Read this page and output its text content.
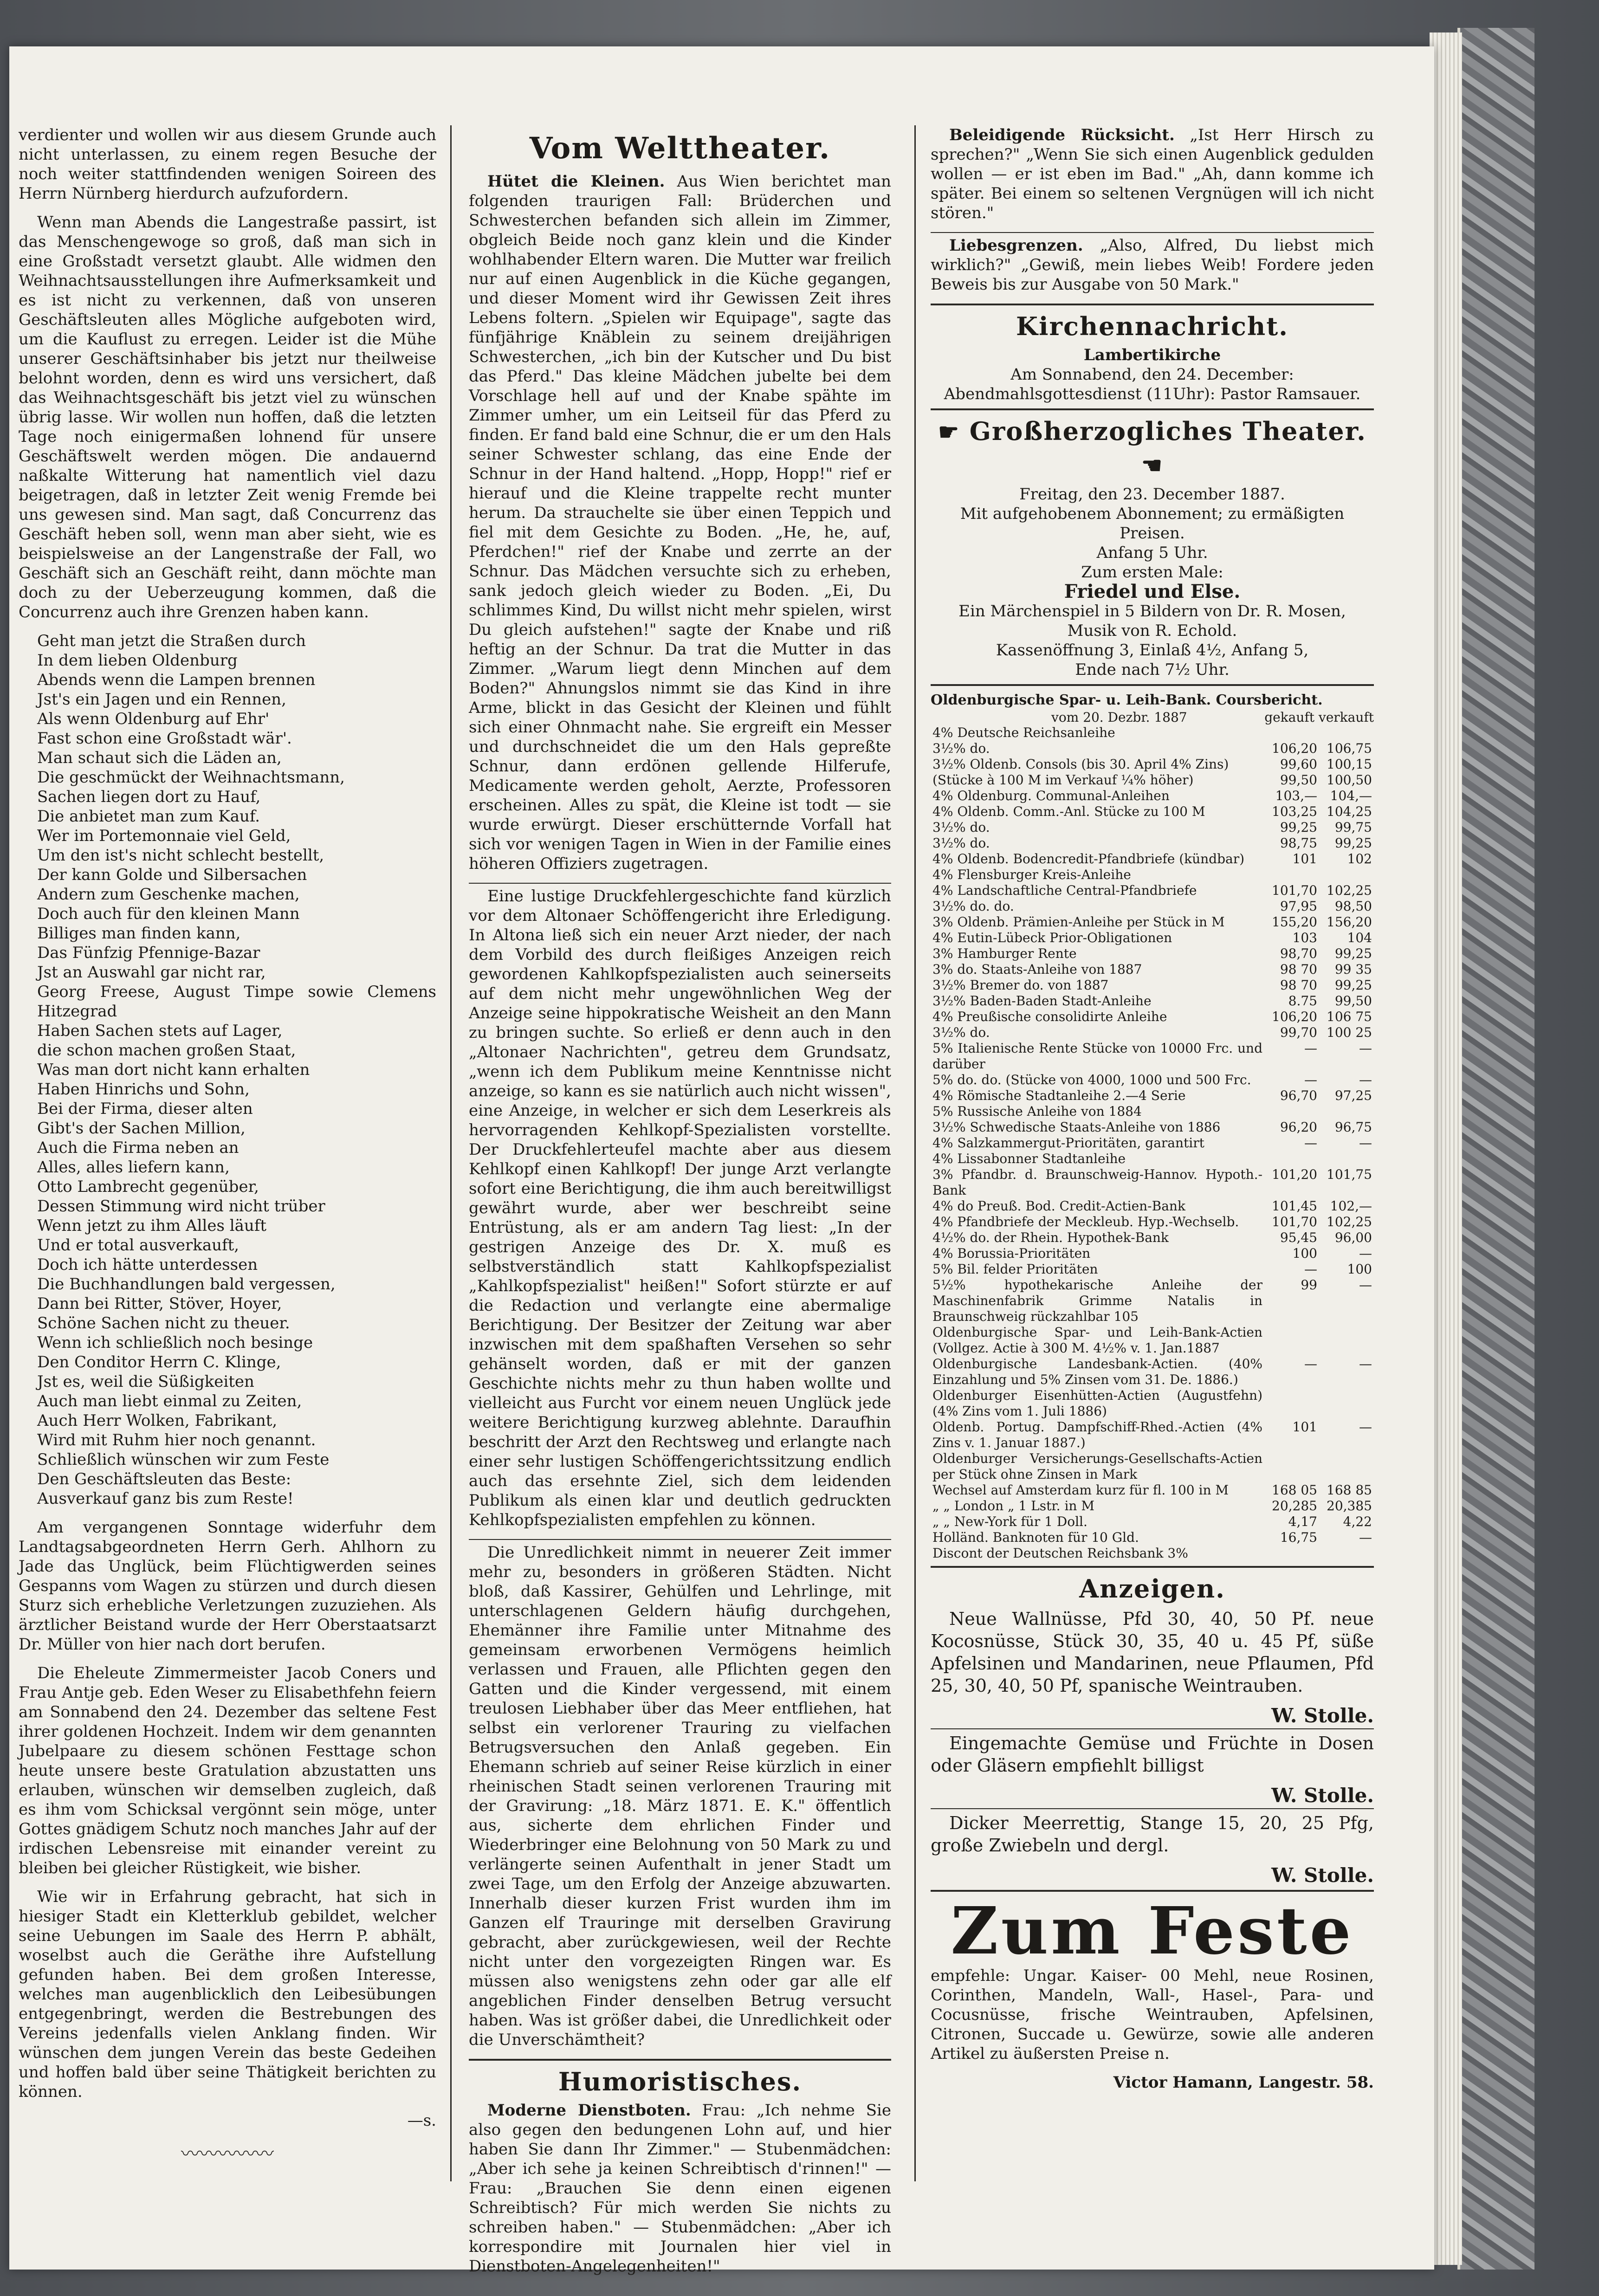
verdienter und wollen wir aus diesem Grunde auch nicht unterlassen, zu einem regen Besuche der noch weiter stattfindenden wenigen Soireen des Herrn Nürnberg hierdurch aufzufordern.

Wenn man Abends die Langestraße passirt, ist das Menschengewoge so groß, daß man sich in eine Großstadt versetzt glaubt. Alle widmen den Weihnachtsausstellungen ihre Aufmerksamkeit und es ist nicht zu verkennen, daß von unseren Geschäftsleuten alles Mögliche aufgeboten wird, um die Kauflust zu erregen. Leider ist die Mühe unserer Geschäftsinhaber bis jetzt nur theilweise belohnt worden, denn es wird uns versichert, daß das Weihnachtsgeschäft bis jetzt viel zu wünschen übrig lasse. Wir wollen nun hoffen, daß die letzten Tage noch einigermaßen lohnend für unsere Geschäftswelt werden mögen. Die andauernd naßkalte Witterung hat namentlich viel dazu beigetragen, daß in letzter Zeit wenig Fremde bei uns gewesen sind. Man sagt, daß Concurrenz das Geschäft heben soll, wenn man aber sieht, wie es beispielsweise an der Langenstraße der Fall, wo Geschäft sich an Geschäft reiht, dann möchte man doch zu der Ueberzeugung kommen, daß die Concurrenz auch ihre Grenzen haben kann.

Geht man jetzt die Straßen durch
In dem lieben Oldenburg
Abends wenn die Lampen brennen
Jst's ein Jagen und ein Rennen,
Als wenn Oldenburg auf Ehr'
Fast schon eine Großstadt wär'.
Man schaut sich die Läden an,
Die geschmückt der Weihnachtsmann,
Sachen liegen dort zu Hauf,
Die anbietet man zum Kauf.
Wer im Portemonnaie viel Geld,
Um den ist's nicht schlecht bestellt,
Der kann Golde und Silbersachen
Andern zum Geschenke machen,
Doch auch für den kleinen Mann
Billiges man finden kann,
Das Fünfzig Pfennige-Bazar
Jst an Auswahl gar nicht rar,
Georg Freese, August Timpe sowie Clemens Hitzegrad
Haben Sachen stets auf Lager,
die schon machen großen Staat,
Was man dort nicht kann erhalten
Haben Hinrichs und Sohn,
Bei der Firma, dieser alten
Gibt's der Sachen Million,
Auch die Firma neben an
Alles, alles liefern kann,
Otto Lambrecht gegenüber,
Dessen Stimmung wird nicht trüber
Wenn jetzt zu ihm Alles läuft
Und er total ausverkauft,
Doch ich hätte unterdessen
Die Buchhandlungen bald vergessen,
Dann bei Ritter, Stöver, Hoyer,
Schöne Sachen nicht zu theuer.
Wenn ich schließlich noch besinge
Den Conditor Herrn C. Klinge,
Jst es, weil die Süßigkeiten
Auch man liebt einmal zu Zeiten,
Auch Herr Wolken, Fabrikant,
Wird mit Ruhm hier noch genannt.
Schließlich wünschen wir zum Feste
Den Geschäftsleuten das Beste:
Ausverkauf ganz bis zum Reste!

Am vergangenen Sonntage widerfuhr dem Landtagsabgeordneten Herrn Gerh. Ahlhorn zu Jade das Unglück, beim Flüchtigwerden seines Gespanns vom Wagen zu stürzen und durch diesen Sturz sich erhebliche Verletzungen zuzuziehen. Als ärztlicher Beistand wurde der Herr Oberstaatsarzt Dr. Müller von hier nach dort berufen.

Die Eheleute Zimmermeister Jacob Coners und Frau Antje geb. Eden Weser zu Elisabethfehn feiern am Sonnabend den 24. Dezember das seltene Fest ihrer goldenen Hochzeit. Indem wir dem genannten Jubelpaare zu diesem schönen Festtage schon heute unsere beste Gratulation abzustatten uns erlauben, wünschen wir demselben zugleich, daß es ihm vom Schicksal vergönnt sein möge, unter Gottes gnädigem Schutz noch manches Jahr auf der irdischen Lebensreise mit einander vereint zu bleiben bei gleicher Rüstigkeit, wie bisher.

Wie wir in Erfahrung gebracht, hat sich in hiesiger Stadt ein Kletterklub gebildet, welcher seine Uebungen im Saale des Herrn P. abhält, woselbst auch die Geräthe ihre Aufstellung gefunden haben. Bei dem großen Interesse, welches man augenblicklich den Leibesübungen entgegenbringt, werden die Bestrebungen des Vereins jedenfalls vielen Anklang finden. Wir wünschen dem jungen Verein das beste Gedeihen und hoffen bald über seine Thätigkeit berichten zu können.

—s.
〰〰〰〰〰
Vom Welttheater.

Hütet die Kleinen. Aus Wien berichtet man folgenden traurigen Fall: Brüderchen und Schwesterchen befanden sich allein im Zimmer, obgleich Beide noch ganz klein und die Kinder wohlhabender Eltern waren. Die Mutter war freilich nur auf einen Augenblick in die Küche gegangen, und dieser Moment wird ihr Gewissen Zeit ihres Lebens foltern. „Spielen wir Equipage", sagte das fünfjährige Knäblein zu seinem dreijährigen Schwesterchen, „ich bin der Kutscher und Du bist das Pferd." Das kleine Mädchen jubelte bei dem Vorschlage hell auf und der Knabe spähte im Zimmer umher, um ein Leitseil für das Pferd zu finden. Er fand bald eine Schnur, die er um den Hals seiner Schwester schlang, das eine Ende der Schnur in der Hand haltend. „Hopp, Hopp!" rief er hierauf und die Kleine trappelte recht munter herum. Da strauchelte sie über einen Teppich und fiel mit dem Gesichte zu Boden. „He, he, auf, Pferdchen!" rief der Knabe und zerrte an der Schnur. Das Mädchen versuchte sich zu erheben, sank jedoch gleich wieder zu Boden. „Ei, Du schlimmes Kind, Du willst nicht mehr spielen, wirst Du gleich aufstehen!" sagte der Knabe und riß heftig an der Schnur. Da trat die Mutter in das Zimmer. „Warum liegt denn Minchen auf dem Boden?" Ahnungslos nimmt sie das Kind in ihre Arme, blickt in das Gesicht der Kleinen und fühlt sich einer Ohnmacht nahe. Sie ergreift ein Messer und durchschneidet die um den Hals gepreßte Schnur, dann erdönen gellende Hilferufe, Medicamente werden geholt, Aerzte, Professoren erscheinen. Alles zu spät, die Kleine ist todt — sie wurde erwürgt. Dieser erschütternde Vorfall hat sich vor wenigen Tagen in Wien in der Familie eines höheren Offiziers zugetragen.

Eine lustige Druckfehlergeschichte fand kürzlich vor dem Altonaer Schöffengericht ihre Erledigung. In Altona ließ sich ein neuer Arzt nieder, der nach dem Vorbild des durch fleißiges Anzeigen reich gewordenen Kahlkopfspezialisten auch seinerseits auf dem nicht mehr ungewöhnlichen Weg der Anzeige seine hippokratische Weisheit an den Mann zu bringen suchte. So erließ er denn auch in den „Altonaer Nachrichten", getreu dem Grundsatz, „wenn ich dem Publikum meine Kenntnisse nicht anzeige, so kann es sie natürlich auch nicht wissen", eine Anzeige, in welcher er sich dem Leserkreis als hervorragenden Kehlkopf-Spezialisten vorstellte. Der Druckfehlerteufel machte aber aus diesem Kehlkopf einen Kahlkopf! Der junge Arzt verlangte sofort eine Berichtigung, die ihm auch bereitwilligst gewährt wurde, aber wer beschreibt seine Entrüstung, als er am andern Tag liest: „In der gestrigen Anzeige des Dr. X. muß es selbstverständlich statt Kahlkopfspezialist „Kahlkopfspezialist" heißen!" Sofort stürzte er auf die Redaction und verlangte eine abermalige Berichtigung. Der Besitzer der Zeitung war aber inzwischen mit dem spaßhaften Versehen so sehr gehänselt worden, daß er mit der ganzen Geschichte nichts mehr zu thun haben wollte und vielleicht aus Furcht vor einem neuen Unglück jede weitere Berichtigung kurzweg ablehnte. Daraufhin beschritt der Arzt den Rechtsweg und erlangte nach einer sehr lustigen Schöffengerichtssitzung endlich auch das ersehnte Ziel, sich dem leidenden Publikum als einen klar und deutlich gedruckten Kehlkopfspezialisten empfehlen zu können.

Die Unredlichkeit nimmt in neuerer Zeit immer mehr zu, besonders in größeren Städten. Nicht bloß, daß Kassirer, Gehülfen und Lehrlinge, mit unterschlagenen Geldern häufig durchgehen, Ehemänner ihre Familie unter Mitnahme des gemeinsam erworbenen Vermögens heimlich verlassen und Frauen, alle Pflichten gegen den Gatten und die Kinder vergessend, mit einem treulosen Liebhaber über das Meer entfliehen, hat selbst ein verlorener Trauring zu vielfachen Betrugsversuchen den Anlaß gegeben. Ein Ehemann schrieb auf seiner Reise kürzlich in einer rheinischen Stadt seinen verlorenen Trauring mit der Gravirung: „18. März 1871. E. K." öffentlich aus, sicherte dem ehrlichen Finder und Wiederbringer eine Belohnung von 50 Mark zu und verlängerte seinen Aufenthalt in jener Stadt um zwei Tage, um den Erfolg der Anzeige abzuwarten. Innerhalb dieser kurzen Frist wurden ihm im Ganzen elf Trauringe mit derselben Gravirung gebracht, aber zurückgewiesen, weil der Rechte nicht unter den vorgezeigten Ringen war. Es müssen also wenigstens zehn oder gar alle elf angeblichen Finder denselben Betrug versucht haben. Was ist größer dabei, die Unredlichkeit oder die Unverschämtheit?

Humoristisches.

Moderne Dienstboten. Frau: „Ich nehme Sie also gegen den bedungenen Lohn auf, und hier haben Sie dann Ihr Zimmer." — Stubenmädchen: „Aber ich sehe ja keinen Schreibtisch d'rinnen!" — Frau: „Brauchen Sie denn einen eigenen Schreibtisch? Für mich werden Sie nichts zu schreiben haben." — Stubenmädchen: „Aber ich korrespondire mit Journalen hier viel in Dienstboten-Angelegenheiten!"

Beleidigende Rücksicht. „Ist Herr Hirsch zu sprechen?" „Wenn Sie sich einen Augenblick gedulden wollen — er ist eben im Bad." „Ah, dann komme ich später. Bei einem so seltenen Vergnügen will ich nicht stören."

Liebesgrenzen. „Also, Alfred, Du liebst mich wirklich?" „Gewiß, mein liebes Weib! Fordere jeden Beweis bis zur Ausgabe von 50 Mark."

Kirchennachricht.
Lambertikirche
Am Sonnabend, den 24. December:
Abendmahlsgottesdienst (11Uhr): Pastor Ramsauer.
☛ Großherzogliches Theater. ☚
Freitag, den 23. December 1887.
Mit aufgehobenem Abonnement; zu ermäßigten Preisen.
Anfang 5 Uhr.
Zum ersten Male:
Friedel und Else.
Ein Märchenspiel in 5 Bildern von Dr. R. Mosen,
Musik von R. Echold.
Kassenöffnung 3, Einlaß 4½, Anfang 5,
Ende nach 7½ Uhr.
Oldenburgische Spar- u. Leih-Bank. Coursbericht.
vom 20. Dezbr. 1887	gekauft verkauft
4% Deutsche Reichsanleihe		
3½% do.	106,20	106,75
3½% Oldenb. Consols (bis 30. April 4% Zins)	99,60	100,15
(Stücke à 100 M im Verkauf ¼% höher)	99,50	100,50
4% Oldenburg. Communal-Anleihen	103,—	104,—
4% Oldenb. Comm.-Anl. Stücke zu 100 M	103,25	104,25
3½% do.	99,25	99,75
3½% do.	98,75	99,25
4% Oldenb. Bodencredit-Pfandbriefe (kündbar)	101	102
4% Flensburger Kreis-Anleihe		
4% Landschaftliche Central-Pfandbriefe	101,70	102,25
3½% do. do.	97,95	98,50
3% Oldenb. Prämien-Anleihe per Stück in M	155,20	156,20
4% Eutin-Lübeck Prior-Obligationen	103	104
3% Hamburger Rente	98,70	99,25
3% do. Staats-Anleihe von 1887	98 70	99 35
3½% Bremer do. von 1887	98 70	99,25
3½% Baden-Baden Stadt-Anleihe	8.75	99,50
4% Preußische consolidirte Anleihe	106,20	106 75
3½% do.	99,70	100 25
5% Italienische Rente Stücke von 10000 Frc. und darüber	—	—
5% do. do. (Stücke von 4000, 1000 und 500 Frc.	—	—
4% Römische Stadtanleihe 2.—4 Serie	96,70	97,25
5% Russische Anleihe von 1884		
3½% Schwedische Staats-Anleihe von 1886	96,20	96,75
4% Salzkammergut-Prioritäten, garantirt	—	—
4% Lissabonner Stadtanleihe		
3% Pfandbr. d. Braunschweig-Hannov. Hypoth.-Bank	101,20	101,75
4% do Preuß. Bod. Credit-Actien-Bank	101,45	102,—
4% Pfandbriefe der Meckleub. Hyp.-Wechselb.	101,70	102,25
4½% do. der Rhein. Hypothek-Bank	95,45	96,00
4% Borussia-Prioritäten	100	—
5% Bil. felder Prioritäten	—	100
5½% hypothekarische Anleihe der Maschinenfabrik Grimme Natalis in Braunschweig rückzahlbar 105	99	—
Oldenburgische Spar- und Leih-Bank-Actien (Vollgez. Actie à 300 M. 4½% v. 1. Jan.1887		
Oldenburgische Landesbank-Actien. (40% Einzahlung und 5% Zinsen vom 31. De. 1886.)	—	—
Oldenburger Eisenhütten-Actien (Augustfehn) (4% Zins vom 1. Juli 1886)		
Oldenb. Portug. Dampfschiff-Rhed.-Actien (4% Zins v. 1. Januar 1887.)	101	—
Oldenburger Versicherungs-Gesellschafts-Actien per Stück ohne Zinsen in Mark		
Wechsel auf Amsterdam kurz für fl. 100 in M	168 05	168 85
„ „ London „ 1 Lstr. in M	20,285	20,385
„ „ New-York für 1 Doll.	4,17	4,22
Holländ. Banknoten für 10 Gld.	16,75	—
Discont der Deutschen Reichsbank 3%		
Anzeigen.

Neue Wallnüsse, Pfd 30, 40, 50 Pf. neue Kocosnüsse, Stück 30, 35, 40 u. 45 Pf, süße Apfelsinen und Mandarinen, neue Pflaumen, Pfd 25, 30, 40, 50 Pf, spanische Weintrauben.

W. Stolle.

Eingemachte Gemüse und Früchte in Dosen oder Gläsern empfiehlt billigst

W. Stolle.

Dicker Meerrettig, Stange 15, 20, 25 Pfg, große Zwiebeln und dergl.

W. Stolle.
Zum Feste

empfehle: Ungar. Kaiser- 00 Mehl, neue Rosinen, Corinthen, Mandeln, Wall-, Hasel-, Para- und Cocusnüsse, frische Weintrauben, Apfelsinen, Citronen, Succade u. Gewürze, sowie alle anderen Artikel zu äußersten Preise n.

Victor Hamann, Langestr. 58.
